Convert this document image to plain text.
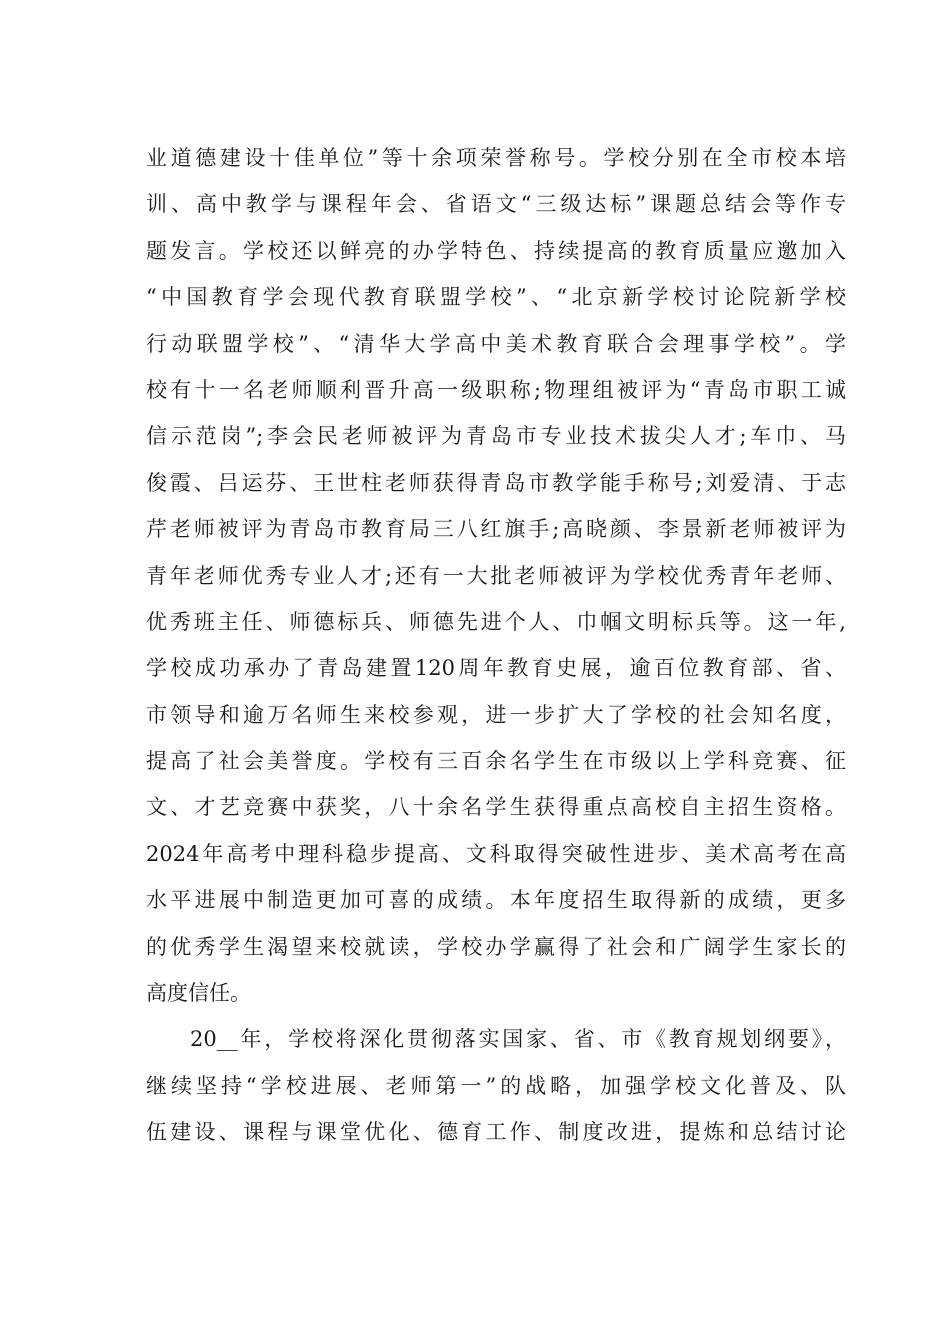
业道德建设十佳单位”等十余项荣誉称号。学校分别在全市校本培
训、高中教学与课程年会、省语文“三级达标”课题总结会等作专
题发言。学校还以鲜亮的办学特色、持续提高的教育质量应邀加入
“中国教育学会现代教育联盟学校”、“北京新学校讨论院新学校
行动联盟学校”、“清华大学高中美术教育联合会理事学校”。学
校有十一名老师顺利晋升高一级职称;物理组被评为“青岛市职工诚
信示范岗”;李会民老师被评为青岛市专业技术拔尖人才;车巾、马
俊霞、吕运芬、王世柱老师获得青岛市教学能手称号;刘爱清、于志
芹老师被评为青岛市教育局三八红旗手;高晓颜、李景新老师被评为
青年老师优秀专业人才;还有一大批老师被评为学校优秀青年老师、
优秀班主任、师德标兵、师德先进个人、巾帼文明标兵等。这一年,
学校成功承办了青岛建置120周年教育史展，逾百位教育部、省、
市领导和逾万名师生来校参观，进一步扩大了学校的社会知名度，
提高了社会美誉度。学校有三百余名学生在市级以上学科竞赛、征
文、才艺竞赛中获奖，八十余名学生获得重点高校自主招生资格。
2024年高考中理科稳步提高、文科取得突破性进步、美术高考在高
水平进展中制造更加可喜的成绩。本年度招生取得新的成绩，更多
的优秀学生渴望来校就读，学校办学赢得了社会和广阔学生家长的
高度信任。
20__年，学校将深化贯彻落实国家、省、市《教育规划纲要》，
继续坚持“学校进展、老师第一”的战略，加强学校文化普及、队
伍建设、课程与课堂优化、德育工作、制度改进，提炼和总结讨论
